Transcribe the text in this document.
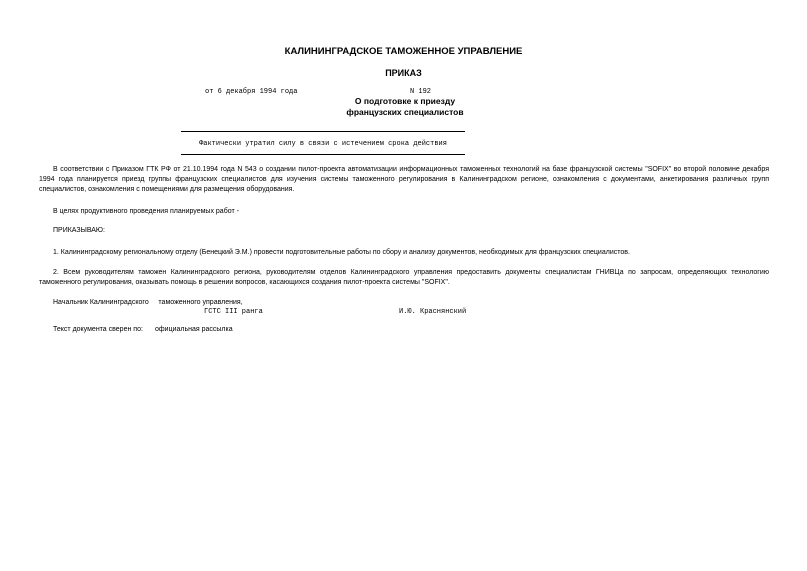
КАЛИНИНГРАДСКОЕ ТАМОЖЕННОЕ УПРАВЛЕНИЕ
ПРИКАЗ
от 6 декабря 1994 года	N 192
О подготовке к приезду
французских специалистов
Фактически утратил силу в связи с истечением срока действия
В соответствии с Приказом ГТК РФ от 21.10.1994 года N 543 о создании пилот-проекта автоматизации информационных таможенных технологий на базе французской системы "SOFIX" во второй половине декабря 1994 года планируется приезд группы французских специалистов для изучения системы таможенного регулирования в Калининградском регионе, ознакомления с документами, анкетирования различных групп специалистов, ознакомления с помещениями для размещения оборудования.
В целях продуктивного проведения планируемых работ -
ПРИКАЗЫВАЮ:
1. Калининградскому региональному отделу (Бенецкий Э.М.) провести подготовительные работы по сбору и анализу документов, необходимых для французских специалистов.
2. Всем руководителям таможен Калининградского региона, руководителям отделов Калининградского управления предоставить документы специалистам ГНИВЦа по запросам, определяющих технологию таможенного регулирования, оказывать помощь в решении вопросов, касающихся создания пилот-проекта системы "SOFIX".
Начальник Калининградского     таможенного управления,
ГСТС III ранга	И.Ю. Краснянский
Текст документа сверен по: официальная рассылка
